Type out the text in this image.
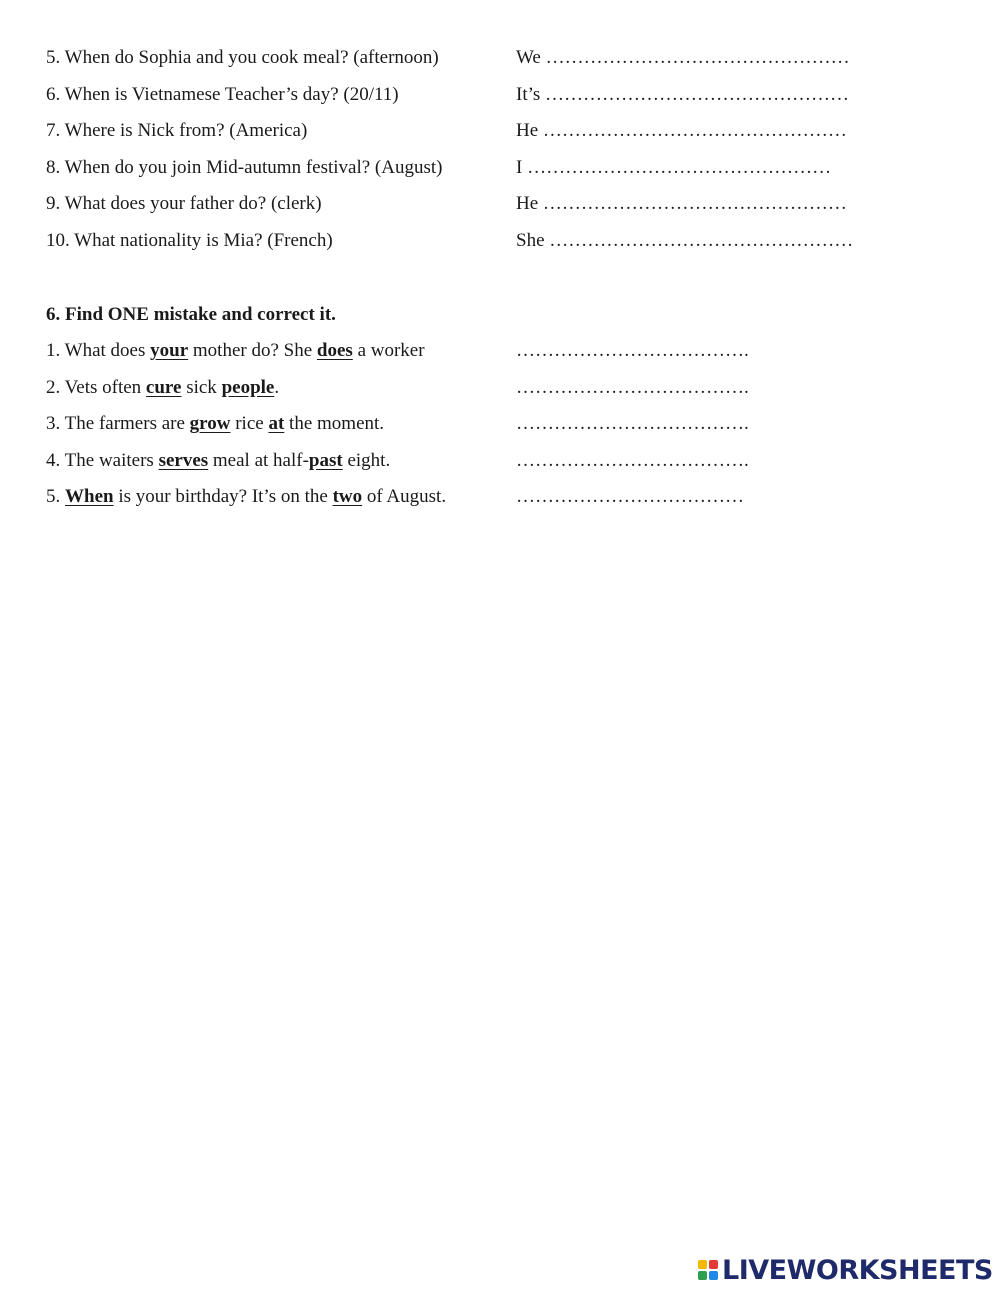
5. When do Sophia and you cook meal? (afternoon)	We …………………………………………
6. When is Vietnamese Teacher’s day? (20/11)	It’s …………………………………………
7. Where is Nick from? (America)	He …………………………………………
8. When do you join Mid-autumn festival? (August)	I …………………………………………
9. What does your father do? (clerk)	He …………………………………………
10. What nationality is Mia? (French)	She …………………………………………
6. Find ONE mistake and correct it.
1. What does your mother do? She does a worker	……………………………….
2. Vets often cure sick people.	……………………………….
3. The farmers are grow rice at the moment.	……………………………….
4. The waiters serves meal at half-past eight.	……………………………….
5. When is your birthday? It’s on the two of August.	………………………………
LIVEWORKSHEETS
